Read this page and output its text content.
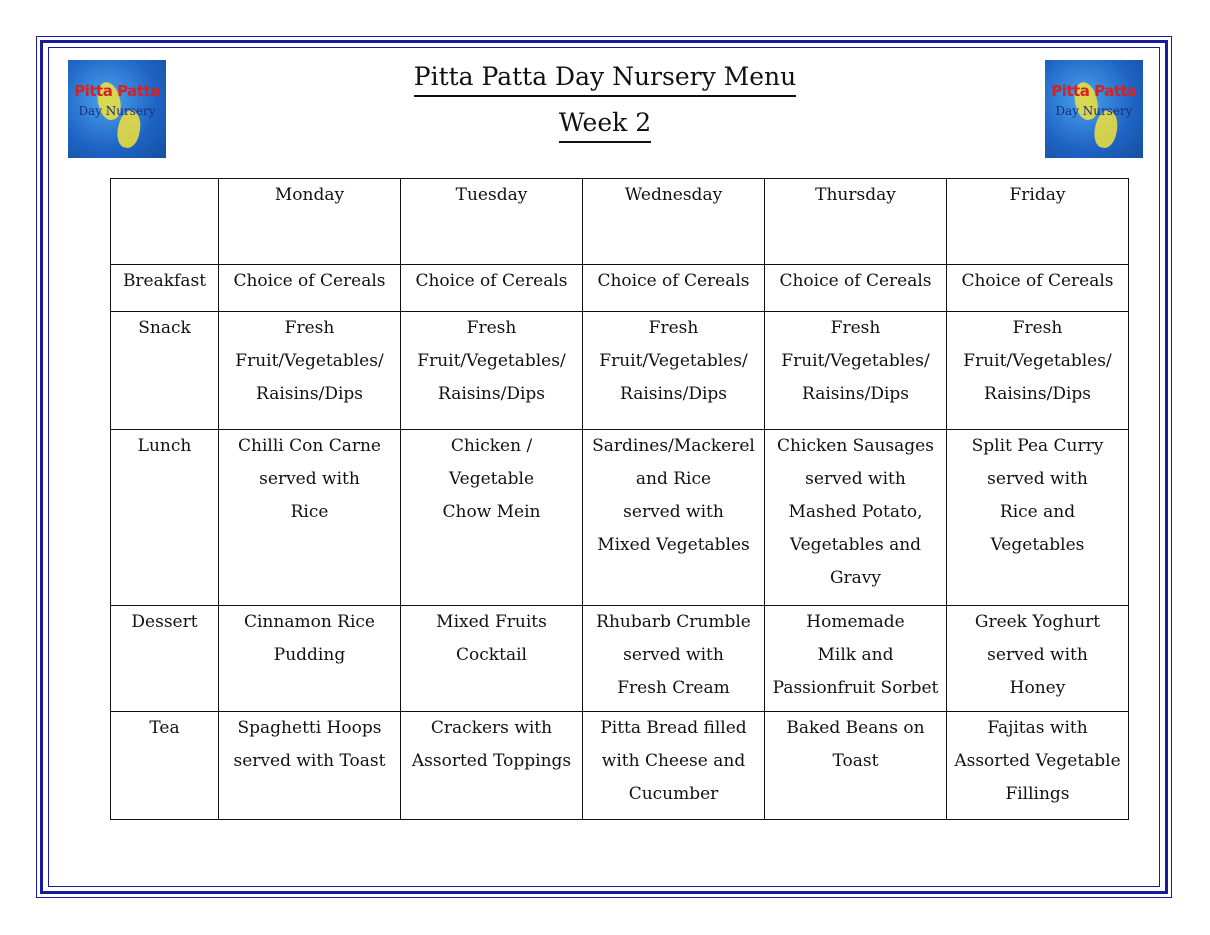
Pitta Patta
Day Nursery
Pitta Patta
Day Nursery
Pitta Patta Day Nursery Menu
Week 2
	Monday	Tuesday	Wednesday	Thursday	Friday
Breakfast	Choice of Cereals	Choice of Cereals	Choice of Cereals	Choice of Cereals	Choice of Cereals

Snack	Fresh
Fruit/Vegetables/
Raisins/Dips	Fresh
Fruit/Vegetables/
Raisins/Dips	Fresh
Fruit/Vegetables/
Raisins/Dips	Fresh
Fruit/Vegetables/
Raisins/Dips	Fresh
Fruit/Vegetables/
Raisins/Dips

Lunch	Chilli Con Carne
served with
Rice	Chicken /
Vegetable
Chow Mein	Sardines/Mackerel
and Rice
served with
Mixed Vegetables	Chicken Sausages
served with
Mashed Potato,
Vegetables and
Gravy	Split Pea Curry
served with
Rice and
Vegetables

Dessert	Cinnamon Rice
Pudding	Mixed Fruits
Cocktail	Rhubarb Crumble
served with
Fresh Cream	Homemade
Milk and
Passionfruit Sorbet	Greek Yoghurt
served with
Honey

Tea	Spaghetti Hoops
served with Toast	Crackers with
Assorted Toppings	Pitta Bread filled
with Cheese and
Cucumber	Baked Beans on
Toast	Fajitas with
Assorted Vegetable
Fillings
